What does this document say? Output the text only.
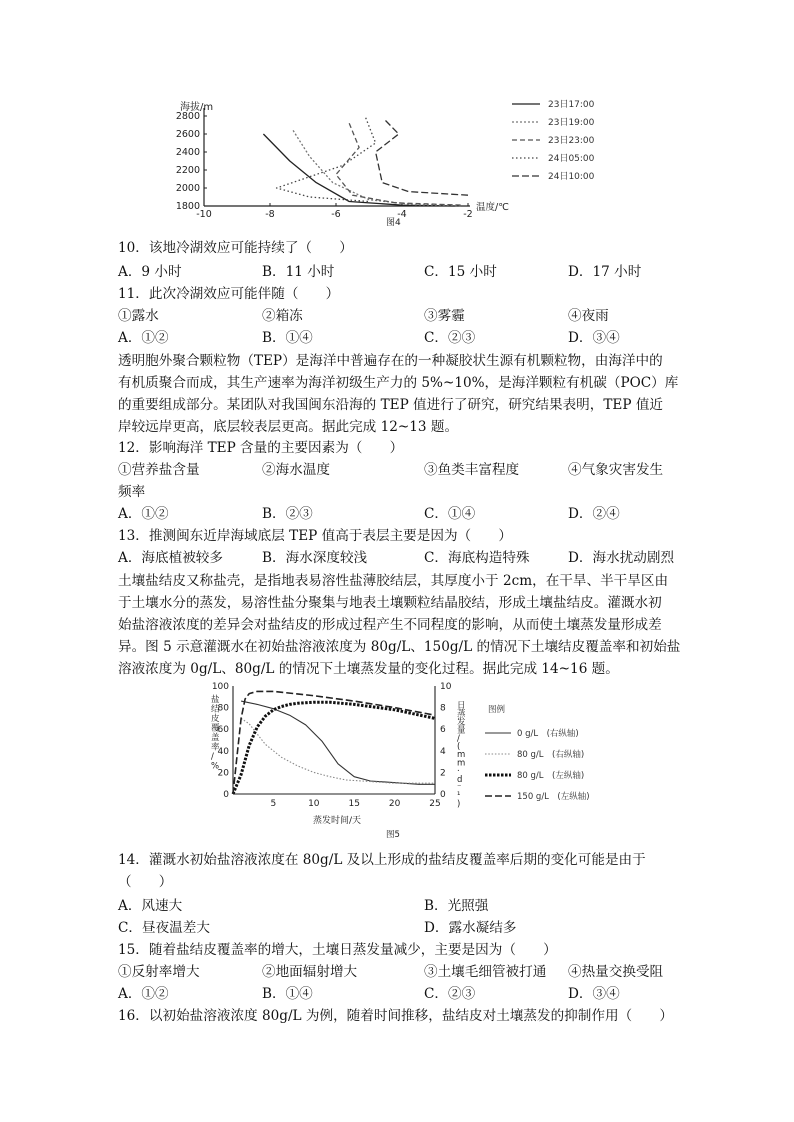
海拔/m
1800
2000
2200
2400
2600
2800
-10	-8	-6	-4	-2
温度/℃
图4
23日17:00
23日19:00
23日23:00
24日05:00
24日10:00
10．该地冷湖效应可能持续了（　　）
A．9 小时	B．11 小时	C．15 小时	D．17 小时
11．此次冷湖效应可能伴随（　　）
①露水	②箱冻	③雾霾	④夜雨
A．①②	B．①④	C．②③	D．③④
透明胞外聚合颗粒物（TEP）是海洋中普遍存在的一种凝胶状生源有机颗粒物，由海洋中的
有机质聚合而成，其生产速率为海洋初级生产力的 5%~10%，是海洋颗粒有机碳（POC）库
的重要组成部分。某团队对我国闽东沿海的 TEP 值进行了研究，研究结果表明，TEP 值近
岸较远岸更高，底层较表层更高。据此完成 12~13 题。
12．影响海洋 TEP 含量的主要因素为（　　）
①营养盐含量	②海水温度	③鱼类丰富程度	④气象灾害发生
频率
A．①②	B．②③	C．①④	D．②④
13．推测闽东近岸海域底层 TEP 值高于表层主要是因为（　　）
A．海底植被较多	B．海水深度较浅	C．海底构造特殊	D．海水扰动剧烈
土壤盐结皮又称盐壳，是指地表易溶性盐薄胶结层，其厚度小于 2cm，在干旱、半干旱区由
于土壤水分的蒸发，易溶性盐分聚集与地表土壤颗粒结晶胶结，形成土壤盐结皮。灌溉水初
始盐溶液浓度的差异会对盐结皮的形成过程产生不同程度的影响，从而使土壤蒸发量形成差
异。图 5 示意灌溉水在初始盐溶液浓度为 80g/L、150g/L 的情况下土壤结皮覆盖率和初始盐
溶液浓度为 0g/L、80g/L 的情况下土壤蒸发量的变化过程。据此完成 14~16 题。
盐结皮覆盖率/ %
日蒸发量/ ( m m · d ⁻ ¹ )
0
20
40
60
80
100
0
2
4
6
8
10
5	10	15	20	25
蒸发时间/天
图5
图例
0 g/L　(右纵轴)
80 g/L　(右纵轴)
80 g/L　(左纵轴)
150 g/L　(左纵轴)
14．灌溉水初始盐溶液浓度在 80g/L 及以上形成的盐结皮覆盖率后期的变化可能是由于
（　　）
A．风速大	B．光照强
C．昼夜温差大	D．露水凝结多
15．随着盐结皮覆盖率的增大，土壤日蒸发量减少，主要是因为（　　）
①反射率增大	②地面辐射增大	③土壤毛细管被打通 ④热量交换受阻
A．①②	B．①④	C．②③	D．③④
16．以初始盐溶液浓度 80g/L 为例，随着时间推移，盐结皮对土壤蒸发的抑制作用（　　）
